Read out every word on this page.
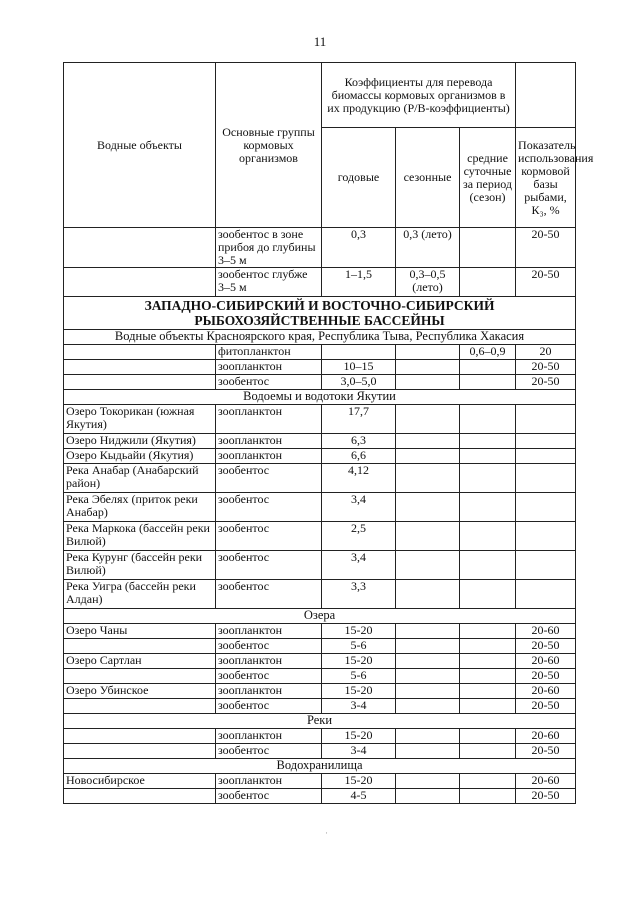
11
Водные объекты	Основные группы кормовых организмов	Коэффициенты для перевода биомассы кормовых организмов в их продукцию (Р/В-коэффициенты)			
		годовые	сезонные	средние суточные за период (сезон)	Показатель использования кормовой базы рыбами, К₃, %
	зообентос в зоне прибоя до глубины 3–5 м	0,3	0,3 (лето)		20-50
	зообентос глубже 3–5 м	1–1,5	0,3–0,5 (лето)		20-50
ЗАПАДНО-СИБИРСКИЙ И ВОСТОЧНО-СИБИРСКИЙ РЫБОХОЗЯЙСТВЕННЫЕ БАССЕЙНЫ					
Водные объекты Красноярского края, Республика Тыва, Республика Хакасия					
	фитопланктон			0,6–0,9	20
	зоопланктон	10–15			20-50
	зообентос	3,0–5,0			20-50
Водоемы и водотоки Якутии					
Озеро Токорикан (южная Якутия)	зоопланктон	17,7			
Озеро Ниджили (Якутия)	зоопланктон	6,3			
Озеро Кыдьайи (Якутия)	зоопланктон	6,6			
Река Анабар (Анабарский район)	зообентос	4,12			
Река Эбелях (приток реки Анабар)	зообентос	3,4			
Река Маркока (бассейн реки Вилюй)	зообентос	2,5			
Река Курунг (бассейн реки Вилюй)	зообентос	3,4			
Река Уигра (бассейн реки Алдан)	зообентос	3,3			
Озера					
Озеро Чаны	зоопланктон	15-20			20-60
	зообентос	5-6			20-50
Озеро Сартлан	зоопланктон	15-20			20-60
	зообентос	5-6			20-50
Озеро Убинское	зоопланктон	15-20			20-60
	зообентос	3-4			20-50
Реки					
	зоопланктон	15-20			20-60
	зообентос	3-4			20-50
Водохранилища					
Новосибирское	зоопланктон	15-20			20-60
	зообентос	4-5			20-50
·
